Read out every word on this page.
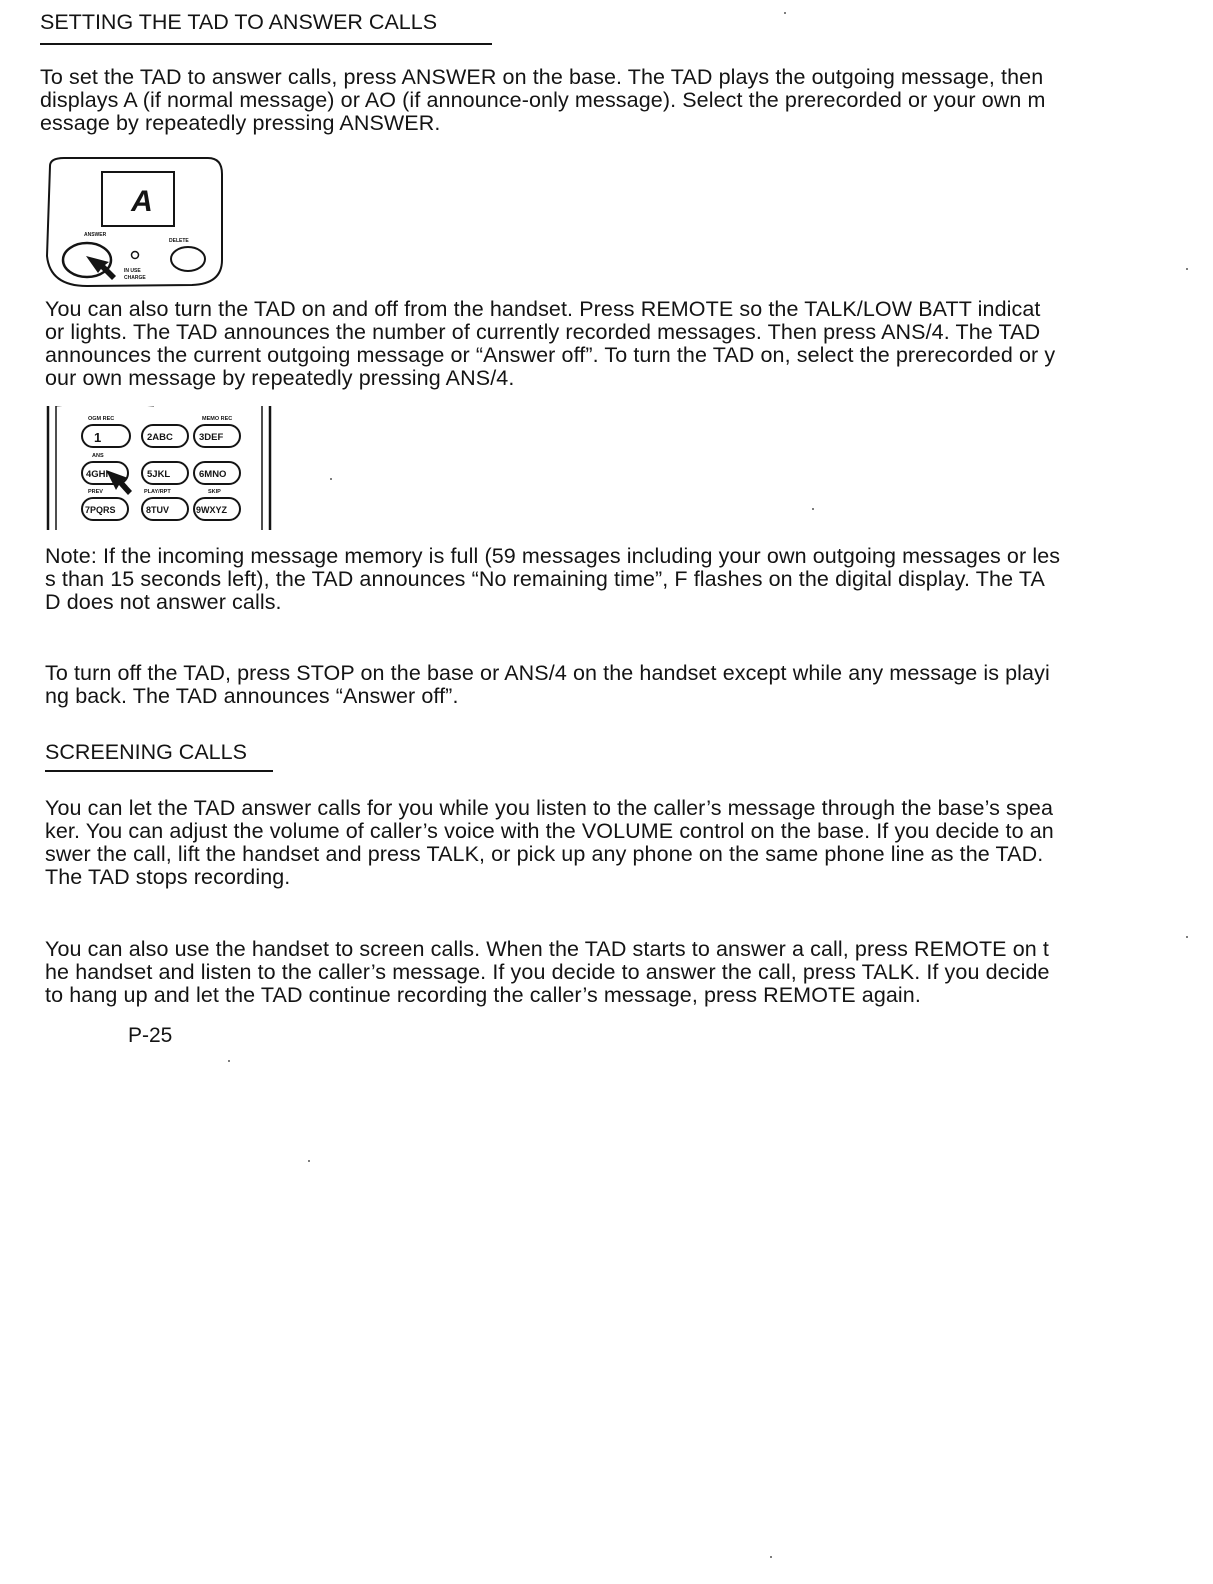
SETTING THE TAD TO ANSWER CALLS
To set the TAD to answer calls, press ANSWER on the base. The TAD plays the outgoing message, then
displays A (if normal message) or AO (if announce-only message). Select the prerecorded or your own m
essage by repeatedly pressing ANSWER.
A
ANSWER
DELETE
IN USE
CHARGE
You can also turn the TAD on and off from the handset. Press REMOTE so the TALK/LOW BATT indicat
or lights. The TAD announces the number of currently recorded messages. Then press ANS/4. The TAD
announces the current outgoing message or “Answer off”. To turn the TAD on, select the prerecorded or y
our own message by repeatedly pressing ANS/4.
OGM REC	MEMO REC
ANS
PREV	PLAY/RPT	SKIP
1	2ABC	3DEF
4GHI	5JKL	6MNO
7PQRS	8TUV	9WXYZ
Note: If the incoming message memory is full (59 messages including your own outgoing messages or les
s than 15 seconds left), the TAD announces “No remaining time”, F flashes on the digital display. The TA
D does not answer calls.
To turn off the TAD, press STOP on the base or ANS/4 on the handset except while any message is playi
ng back. The TAD announces “Answer off”.
SCREENING CALLS
You can let the TAD answer calls for you while you listen to the caller’s message through the base’s spea
ker. You can adjust the volume of caller’s voice with the VOLUME control on the base. If you decide to an
swer the call, lift the handset and press TALK, or pick up any phone on the same phone line as the TAD.
The TAD stops recording.
You can also use the handset to screen calls. When the TAD starts to answer a call, press REMOTE on t
he handset and listen to the caller’s message. If you decide to answer the call, press TALK. If you decide
to hang up and let the TAD continue recording the caller’s message, press REMOTE again.
P-25
